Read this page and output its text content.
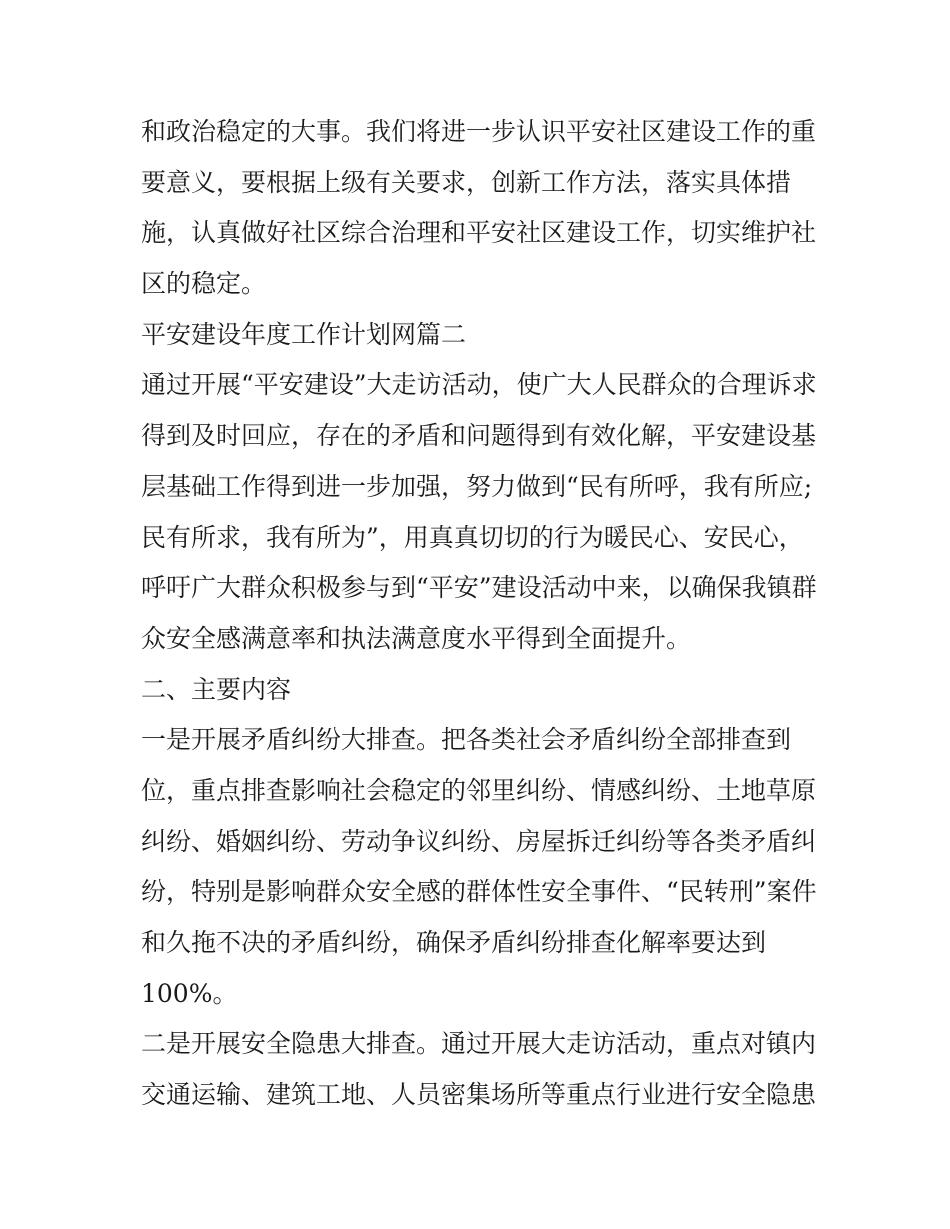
和政治稳定的大事。我们将进一步认识平安社区建设工作的重
要意义，要根据上级有关要求，创新工作方法，落实具体措
施，认真做好社区综合治理和平安社区建设工作，切实维护社
区的稳定。
平安建设年度工作计划网篇二
通过开展“平安建设”大走访活动，使广大人民群众的合理诉求
得到及时回应，存在的矛盾和问题得到有效化解，平安建设基
层基础工作得到进一步加强，努力做到“民有所呼，我有所应;
民有所求，我有所为”，用真真切切的行为暖民心、安民心，
呼吁广大群众积极参与到“平安”建设活动中来，以确保我镇群
众安全感满意率和执法满意度水平得到全面提升。
二、主要内容
一是开展矛盾纠纷大排查。把各类社会矛盾纠纷全部排查到
位，重点排查影响社会稳定的邻里纠纷、情感纠纷、土地草原
纠纷、婚姻纠纷、劳动争议纠纷、房屋拆迁纠纷等各类矛盾纠
纷，特别是影响群众安全感的群体性安全事件、“民转刑”案件
和久拖不决的矛盾纠纷，确保矛盾纠纷排查化解率要达到
100%。
二是开展安全隐患大排查。通过开展大走访活动，重点对镇内
交通运输、建筑工地、人员密集场所等重点行业进行安全隐患
